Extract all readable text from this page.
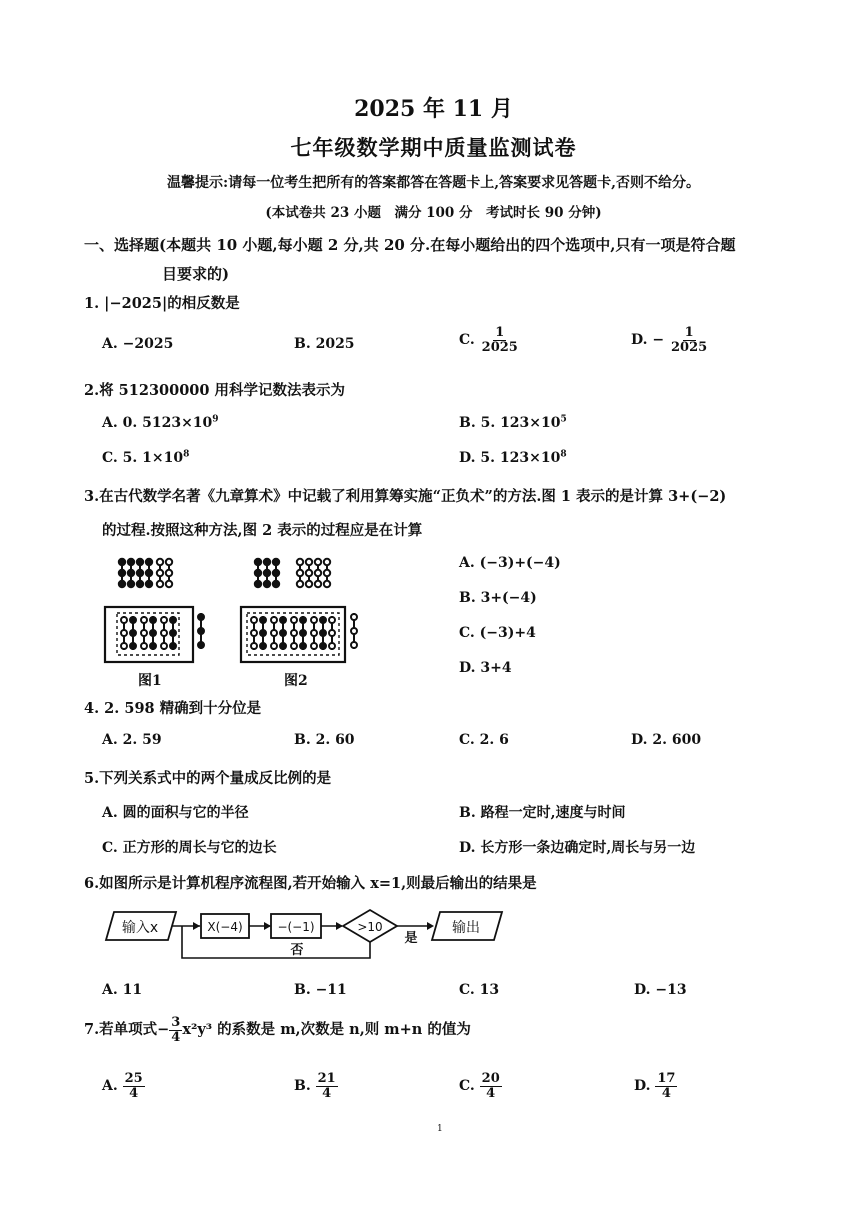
2025 年 11 月
七年级数学期中质量监测试卷
温馨提示:请每一位考生把所有的答案都答在答题卡上,答案要求见答题卡,否则不给分。
(本试卷共 23 小题　满分 100 分　考试时长 90 分钟)
一、选择题(本题共 10 小题,每小题 2 分,共 20 分.在每小题给出的四个选项中,只有一项是符合题
目要求的)
1. |−2025|的相反数是
A. −2025	B. 2025	C. $\frac{1}{2025}$	D. − $\frac{1}{2025}$
2.将 512300000 用科学记数法表示为
A. 0. $5123\times 10^9$	B. 5. $123\times 10^5$
C. 5. $1\times 10^8$	D. 5. $123\times 10^8$
3.在古代数学名著《九章算术》中记载了利用算筹实施“正负术”的方法.图 1 表示的是计算 3+(−2)
的过程.按照这种方法,图 2 表示的过程应是在计算
图1	图2
A. (−3)+(−4)
B. 3+(−4)
C. (−3)+4
D. 3+4
4. 2. 598 精确到十分位是
A. 2. 59	B. 2. 60	C. 2. 6	D. 2. 600
5.下列关系式中的两个量成反比例的是
A. 圆的面积与它的半径	B. 路程一定时,速度与时间
C. 正方形的周长与它的边长	D. 长方形一条边确定时,周长与另一边
6.如图所示是计算机程序流程图,若开始输入 x=1,则最后输出的结果是
输入x	X(−4)	−(−1)	>10
是
输出
否
A. 11	B. −11	C. 13	D. −13
7.若单项式− $\frac{3}{4} x^2y^3$ 的系数是 m,次数是 n,则 m+n 的值为
A. $\frac{25}{4}$	B. $\frac{21}{4}$	C. $\frac{20}{4}$	D. $\frac{17}{4}$
1
